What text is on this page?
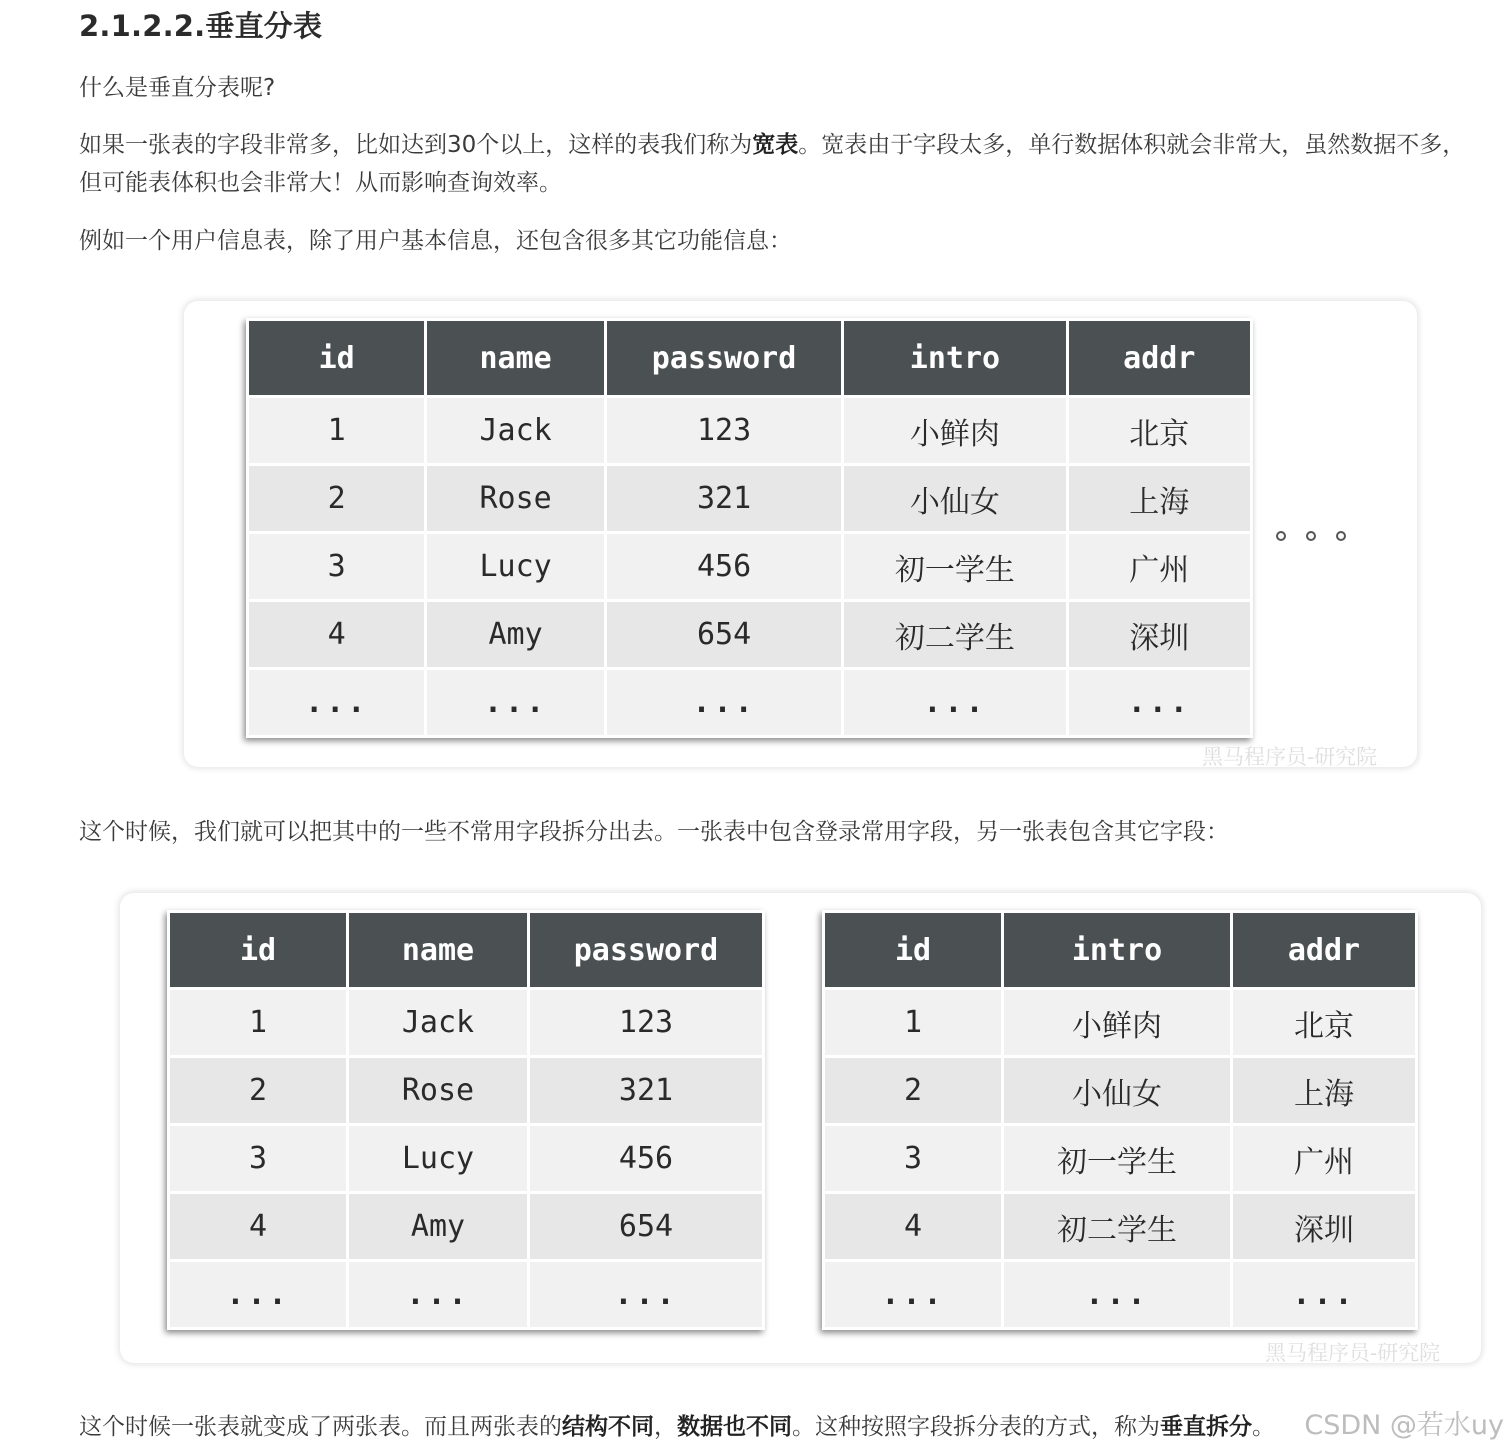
2.1.2.2.垂直分表
什么是垂直分表呢?
如果一张表的字段非常多，比如达到30个以上，这样的表我们称为宽表。宽表由于字段太多，单行数据体积就会非常大，虽然数据不多，
但可能表体积也会非常大！从而影响查询效率。
例如一个用户信息表，除了用户基本信息，还包含很多其它功能信息：
id	name	password	intro	addr
1	Jack	123	小鲜肉	北京
2	Rose	321	小仙女	上海
3	Lucy	456	初一学生	广州
4	Amy	654	初二学生	深圳
...	...	...	...	...
黑马程序员-研究院
这个时候，我们就可以把其中的一些不常用字段拆分出去。一张表中包含登录常用字段，另一张表包含其它字段：
id	name	password
1	Jack	123
2	Rose	321
3	Lucy	456
4	Amy	654
...	...	...
id	intro	addr
1	小鲜肉	北京
2	小仙女	上海
3	初一学生	广州
4	初二学生	深圳
...	...	...
黑马程序员-研究院
这个时候一张表就变成了两张表。而且两张表的结构不同，数据也不同。这种按照字段拆分表的方式，称为垂直拆分。 CSDN @若水uy
